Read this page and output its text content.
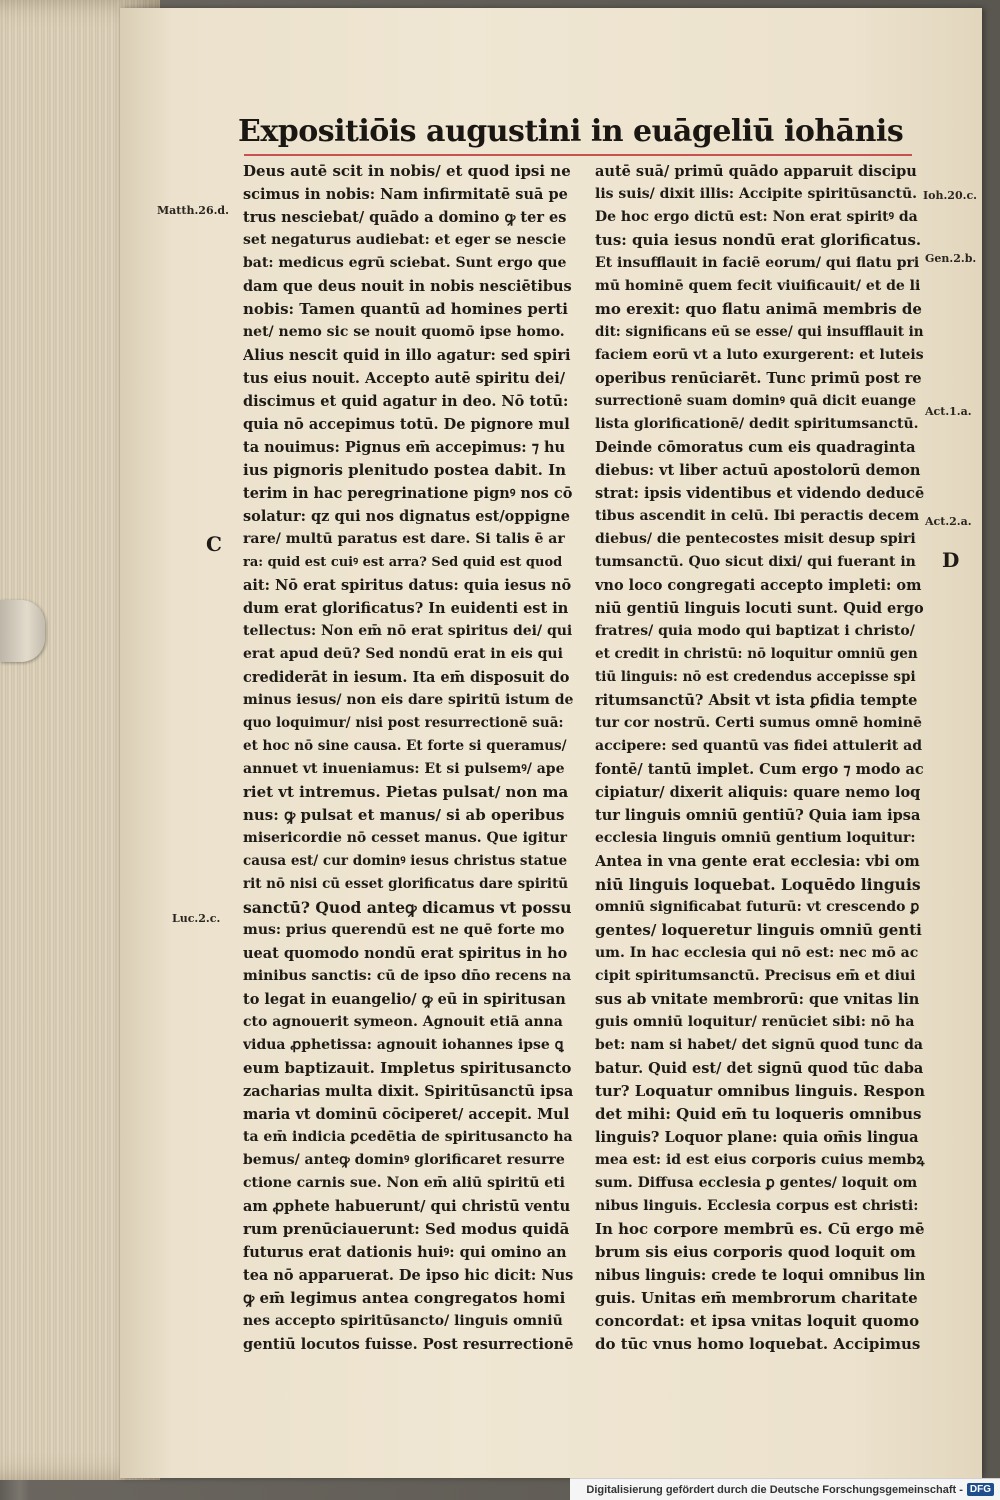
Expositiōis augustini in euāgeliū iohānis
Deus autē scit in nobis/ et quod ipsi ne
scimus in nobis: Nam infirmitatē suā pe
trus nesciebat/ quādo a domino ꝙ ter es
set negaturus audiebat: et eger se nescie
bat: medicus egrū sciebat. Sunt ergo que
dam que deus nouit in nobis nesciētibus
nobis: Tamen quantū ad homines perti
net/ nemo sic se nouit quomō ipse homo.
Alius nescit quid in illo agatur: sed spiri
tus eius nouit. Accepto autē spiritu dei/
discimus et quid agatur in deo. Nō totū:
quia nō accepimus totū. De pignore mul
ta nouimus: Pignus em̄ accepimus: ⁊ hu
ius pignoris plenitudo postea dabit. In
terim in hac peregrinatione pignꝰ nos cō
solatur: qz qui nos dignatus est/oppigne
rare/ multū paratus est dare. Si talis ē ar
ra: quid est cuiꝰ est arra? Sed quid est quod
ait: Nō erat spiritus datus: quia iesus nō
dum erat glorificatus? In euidenti est in
tellectus: Non em̄ nō erat spiritus dei/ qui
erat apud deū? Sed nondū erat in eis qui
crediderāt in iesum. Ita em̄ disposuit do
minus iesus/ non eis dare spiritū istum de
quo loquimur/ nisi post resurrectionē suā:
et hoc nō sine causa. Et forte si queramus/
annuet vt inueniamus: Et si pulsemꝰ/ ape
riet vt intremus. Pietas pulsat/ non ma
nus: ꝙ pulsat et manus/ si ab operibus
misericordie nō cesset manus. Que igitur
causa est/ cur dominꝰ iesus christus statue
rit nō nisi cū esset glorificatus dare spiritū
sanctū? Quod anteꝙ dicamus vt possu
mus: prius querendū est ne quē forte mo
ueat quomodo nondū erat spiritus in ho
minibus sanctis: cū de ipso dn̄o recens na
to legat in euangelio/ ꝙ eū in spiritusan
cto agnouerit symeon. Agnouit etiā anna
vidua ꝓphetissa: agnouit iohannes ipse ꝗ
eum baptizauit. Impletus spiritusancto
zacharias multa dixit. Spiritūsanctū ipsa
maria vt dominū cōciperet/ accepit. Mul
ta em̄ indicia ꝑcedētia de spiritusancto ha
bemus/ anteꝙ dominꝰ glorificaret resurre
ctione carnis sue. Non em̄ aliū spiritū eti
am ꝓphete habuerunt/ qui christū ventu
rum prenūciauerunt: Sed modus quidā
futurus erat dationis huiꝰ: qui omino an
tea nō apparuerat. De ipso hic dicit: Nus
ꝙ em̄ legimus antea congregatos homi
nes accepto spiritūsancto/ linguis omniū
gentiū locutos fuisse. Post resurrectionē
autē suā/ primū quādo apparuit discipu
lis suis/ dixit illis: Accipite spiritūsanctū.
De hoc ergo dictū est: Non erat spiritꝰ da
tus: quia iesus nondū erat glorificatus.
Et insufflauit in faciē eorum/ qui flatu pri
mū hominē quem fecit viuificauit/ et de li
mo erexit: quo flatu animā membris de
dit: significans eū se esse/ qui insufflauit in
faciem eorū vt a luto exurgerent: et luteis
operibus renūciarēt. Tunc primū post re
surrectionē suam dominꝰ quā dicit euange
lista glorificationē/ dedit spiritumsanctū.
Deinde cōmoratus cum eis quadraginta
diebus: vt liber actuū apostolorū demon
strat: ipsis videntibus et videndo deducē
tibus ascendit in celū. Ibi peractis decem
diebus/ die pentecostes misit desup spiri
tumsanctū. Quo sicut dixi/ qui fuerant in
vno loco congregati accepto impleti: om
niū gentiū linguis locuti sunt. Quid ergo
fratres/ quia modo qui baptizat i christo/
et credit in christū: nō loquitur omniū gen
tiū linguis: nō est credendus accepisse spi
ritumsanctū? Absit vt ista ꝑfidia tempte
tur cor nostrū. Certi sumus omnē hominē
accipere: sed quantū vas fidei attulerit ad
fontē/ tantū implet. Cum ergo ⁊ modo ac
cipiatur/ dixerit aliquis: quare nemo loq
tur linguis omniū gentiū? Quia iam ipsa
ecclesia linguis omniū gentium loquitur:
Antea in vna gente erat ecclesia: vbi om
niū linguis loquebat. Loquēdo linguis
omniū significabat futurū: vt crescendo ꝑ
gentes/ loqueretur linguis omniū genti
um. In hac ecclesia qui nō est: nec mō ac
cipit spiritumsanctū. Precisus em̄ et diui
sus ab vnitate membrorū: que vnitas lin
guis omniū loquitur/ renūciet sibi: nō ha
bet: nam si habet/ det signū quod tunc da
batur. Quid est/ det signū quod tūc daba
tur? Loquatur omnibus linguis. Respon
det mihi: Quid em̄ tu loqueris omnibus
linguis? Loquor plane: quia om̄is lingua
mea est: id est eius corporis cuius membꝝ
sum. Diffusa ecclesia ꝑ gentes/ loquit om
nibus linguis. Ecclesia corpus est christi:
In hoc corpore membrū es. Cū ergo mē
brum sis eius corporis quod loquit om
nibus linguis: crede te loqui omnibus lin
guis. Unitas em̄ membrorum charitate
concordat: et ipsa vnitas loquit quomo
do tūc vnus homo loquebat. Accipimus
Matth.26.d.
C
Luc.2.c.
Ioh.20.c.
Gen.2.b.
Act.1.a.
Act.2.a.
D
Digitalisierung gefördert durch die Deutsche Forschungsgemeinschaft - DFG
